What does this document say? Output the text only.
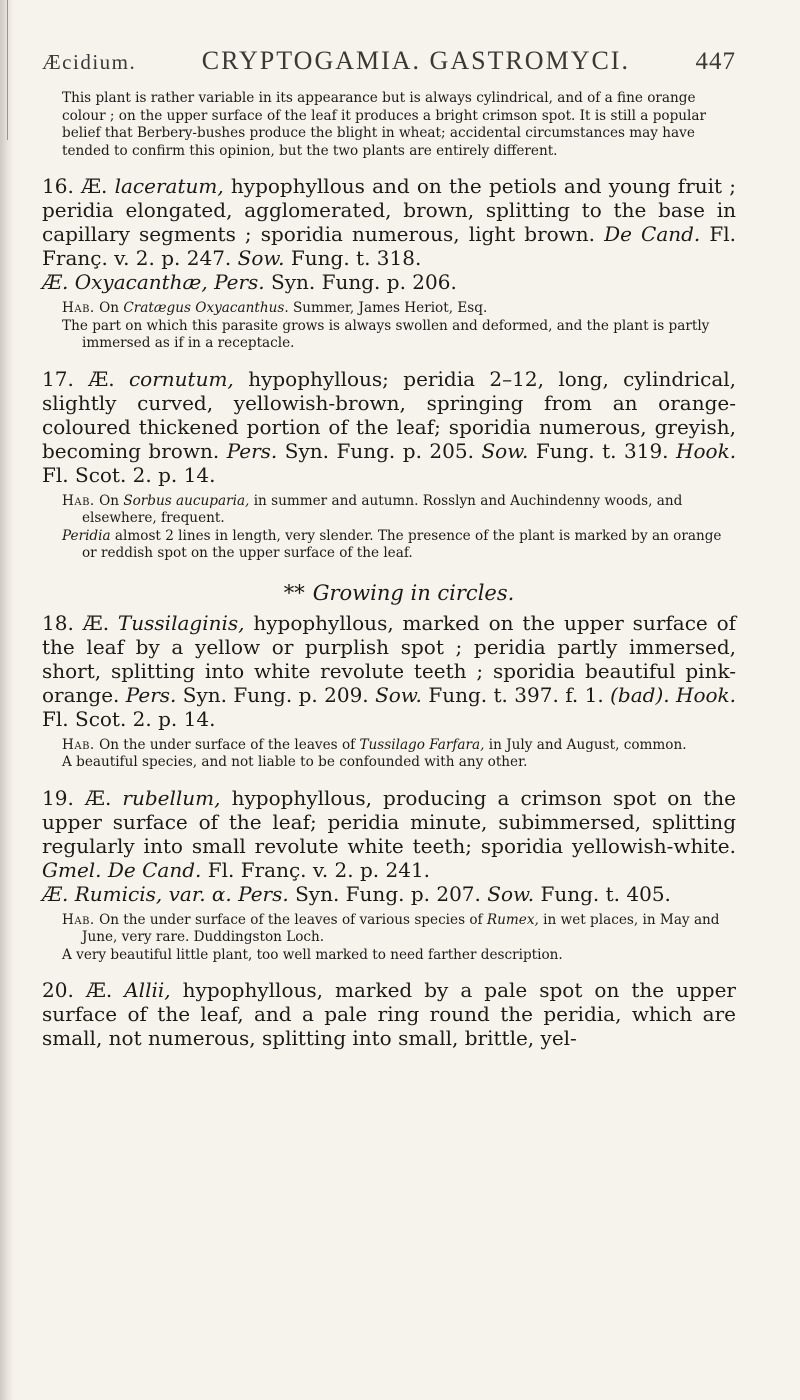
Æcidium.	CRYPTOGAMIA. GASTROMYCI.	447

This plant is rather variable in its appearance but is always cylindrical, and of a fine orange colour ; on the upper surface of the leaf it produces a bright crimson spot. It is still a popular belief that Berbery-bushes produce the blight in wheat; accidental circumstances may have tended to confirm this opinion, but the two plants are entirely different.

16. Æ. laceratum, hypophyllous and on the petiols and young fruit ; peridia elongated, agglomerated, brown, splitting to the base in capillary segments ; sporidia numerous, light brown. De Cand. Fl. Franç. v. 2. p. 247. Sow. Fung. t. 318.
Æ. Oxyacanthæ, Pers. Syn. Fung. p. 206.

Hab. On Cratægus Oxyacanthus. Summer, James Heriot, Esq.

The part on which this parasite grows is always swollen and deformed, and the plant is partly immersed as if in a receptacle.

17. Æ. cornutum, hypophyllous; peridia 2–12, long, cylindrical, slightly curved, yellowish-brown, springing from an orange-coloured thickened portion of the leaf; sporidia numerous, greyish, becoming brown. Pers. Syn. Fung. p. 205. Sow. Fung. t. 319. Hook. Fl. Scot. 2. p. 14.

Hab. On Sorbus aucuparia, in summer and autumn. Rosslyn and Auchindenny woods, and elsewhere, frequent.

Peridia almost 2 lines in length, very slender. The presence of the plant is marked by an orange or reddish spot on the upper surface of the leaf.

** Growing in circles.

18. Æ. Tussilaginis, hypophyllous, marked on the upper surface of the leaf by a yellow or purplish spot ; peridia partly immersed, short, splitting into white revolute teeth ; sporidia beautiful pink-orange. Pers. Syn. Fung. p. 209. Sow. Fung. t. 397. f. 1. (bad). Hook. Fl. Scot. 2. p. 14.

Hab. On the under surface of the leaves of Tussilago Farfara, in July and August, common.

A beautiful species, and not liable to be confounded with any other.

19. Æ. rubellum, hypophyllous, producing a crimson spot on the upper surface of the leaf; peridia minute, subimmersed, splitting regularly into small revolute white teeth; sporidia yellowish-white. Gmel. De Cand. Fl. Franç. v. 2. p. 241.
Æ. Rumicis, var. α. Pers. Syn. Fung. p. 207. Sow. Fung. t. 405.

Hab. On the under surface of the leaves of various species of Rumex, in wet places, in May and June, very rare. Duddingston Loch.

A very beautiful little plant, too well marked to need farther description.

20. Æ. Allii, hypophyllous, marked by a pale spot on the upper surface of the leaf, and a pale ring round the peridia, which are small, not numerous, splitting into small, brittle, yel-
